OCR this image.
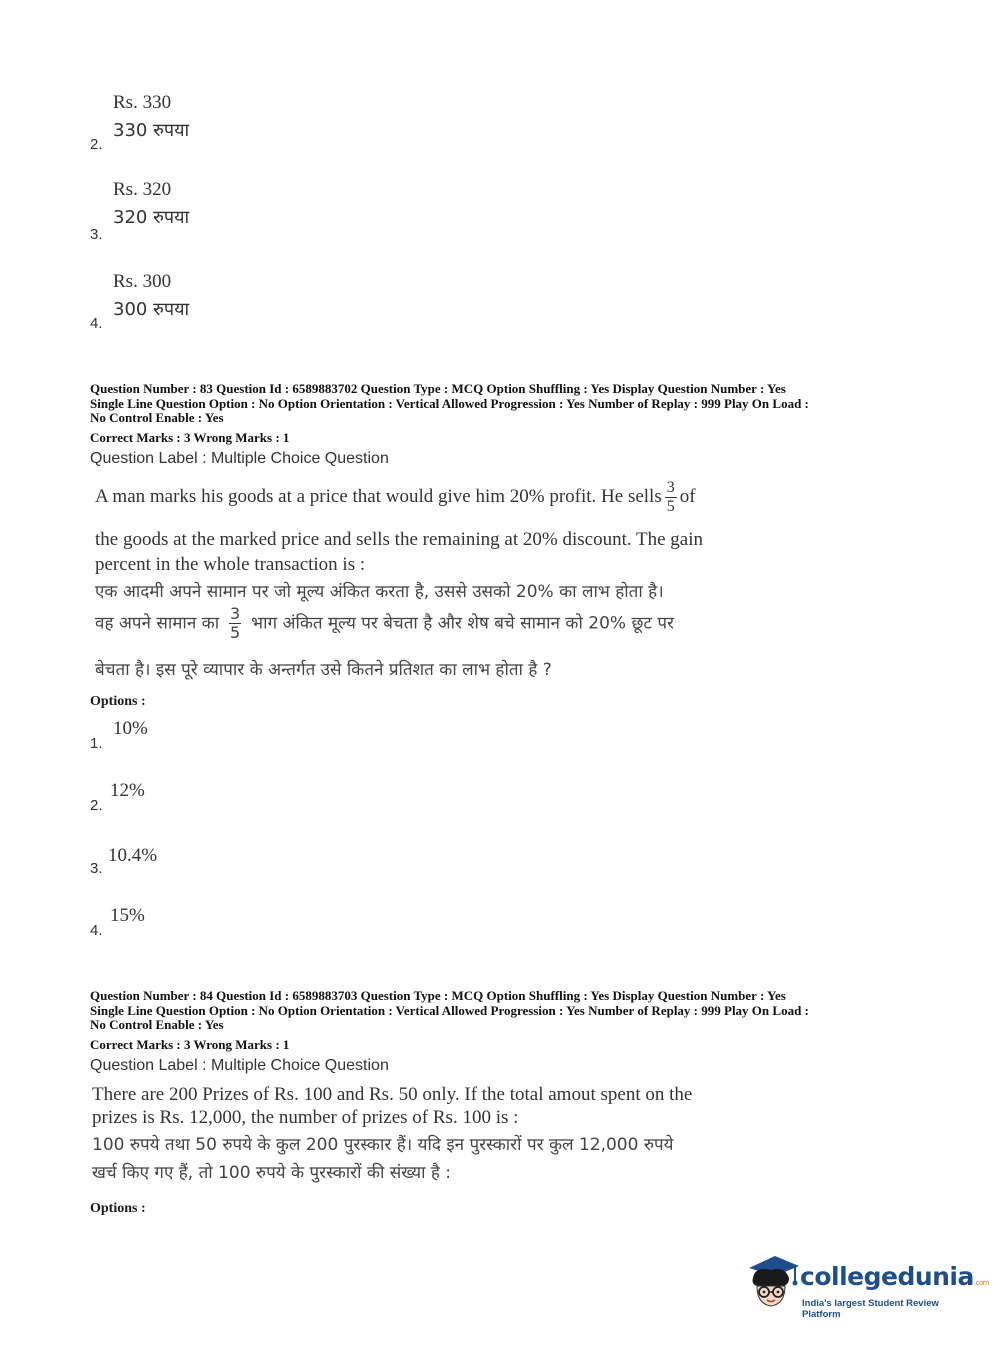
Rs. 330
330 रुपया
2.
Rs. 320
320 रुपया
3.
Rs. 300
300 रुपया
4.
Question Number : 83 Question Id : 6589883702 Question Type : MCQ Option Shuffling : Yes Display Question Number : Yes
Single Line Question Option : No Option Orientation : Vertical Allowed Progression : Yes Number of Replay : 999 Play On Load :
No Control Enable : Yes
Correct Marks : 3 Wrong Marks : 1
Question Label : Multiple Choice Question
A man marks his goods at a price that would give him 20% profit. He sells $\frac{3}{5}$ of
the goods at the marked price and sells the remaining at 20% discount. The gain
percent in the whole transaction is :
एक आदमी अपने सामान पर जो मूल्य अंकित करता है, उससे उसको 20% का लाभ होता है।
वह अपने सामान का $\frac{3}{5}$ भाग अंकित मूल्य पर बेचता है और शेष बचे सामान को 20% छूट पर
बेचता है। इस पूरे व्यापार के अन्तर्गत उसे कितने प्रतिशत का लाभ होता है ?
Options :
10%
1.
12%
2.
10.4%
3.
15%
4.
Question Number : 84 Question Id : 6589883703 Question Type : MCQ Option Shuffling : Yes Display Question Number : Yes
Single Line Question Option : No Option Orientation : Vertical Allowed Progression : Yes Number of Replay : 999 Play On Load :
No Control Enable : Yes
Correct Marks : 3 Wrong Marks : 1
Question Label : Multiple Choice Question
There are 200 Prizes of Rs. 100 and Rs. 50 only. If the total amout spent on the
prizes is Rs. 12,000, the number of prizes of Rs. 100 is :
100 रुपये तथा 50 रुपये के कुल 200 पुरस्कार हैं। यदि इन पुरस्कारों पर कुल 12,000 रुपये
खर्च किए गए हैं, तो 100 रुपये के पुरस्कारों की संख्या है :
Options :
collegedunia.com
India's largest Student Review Platform
